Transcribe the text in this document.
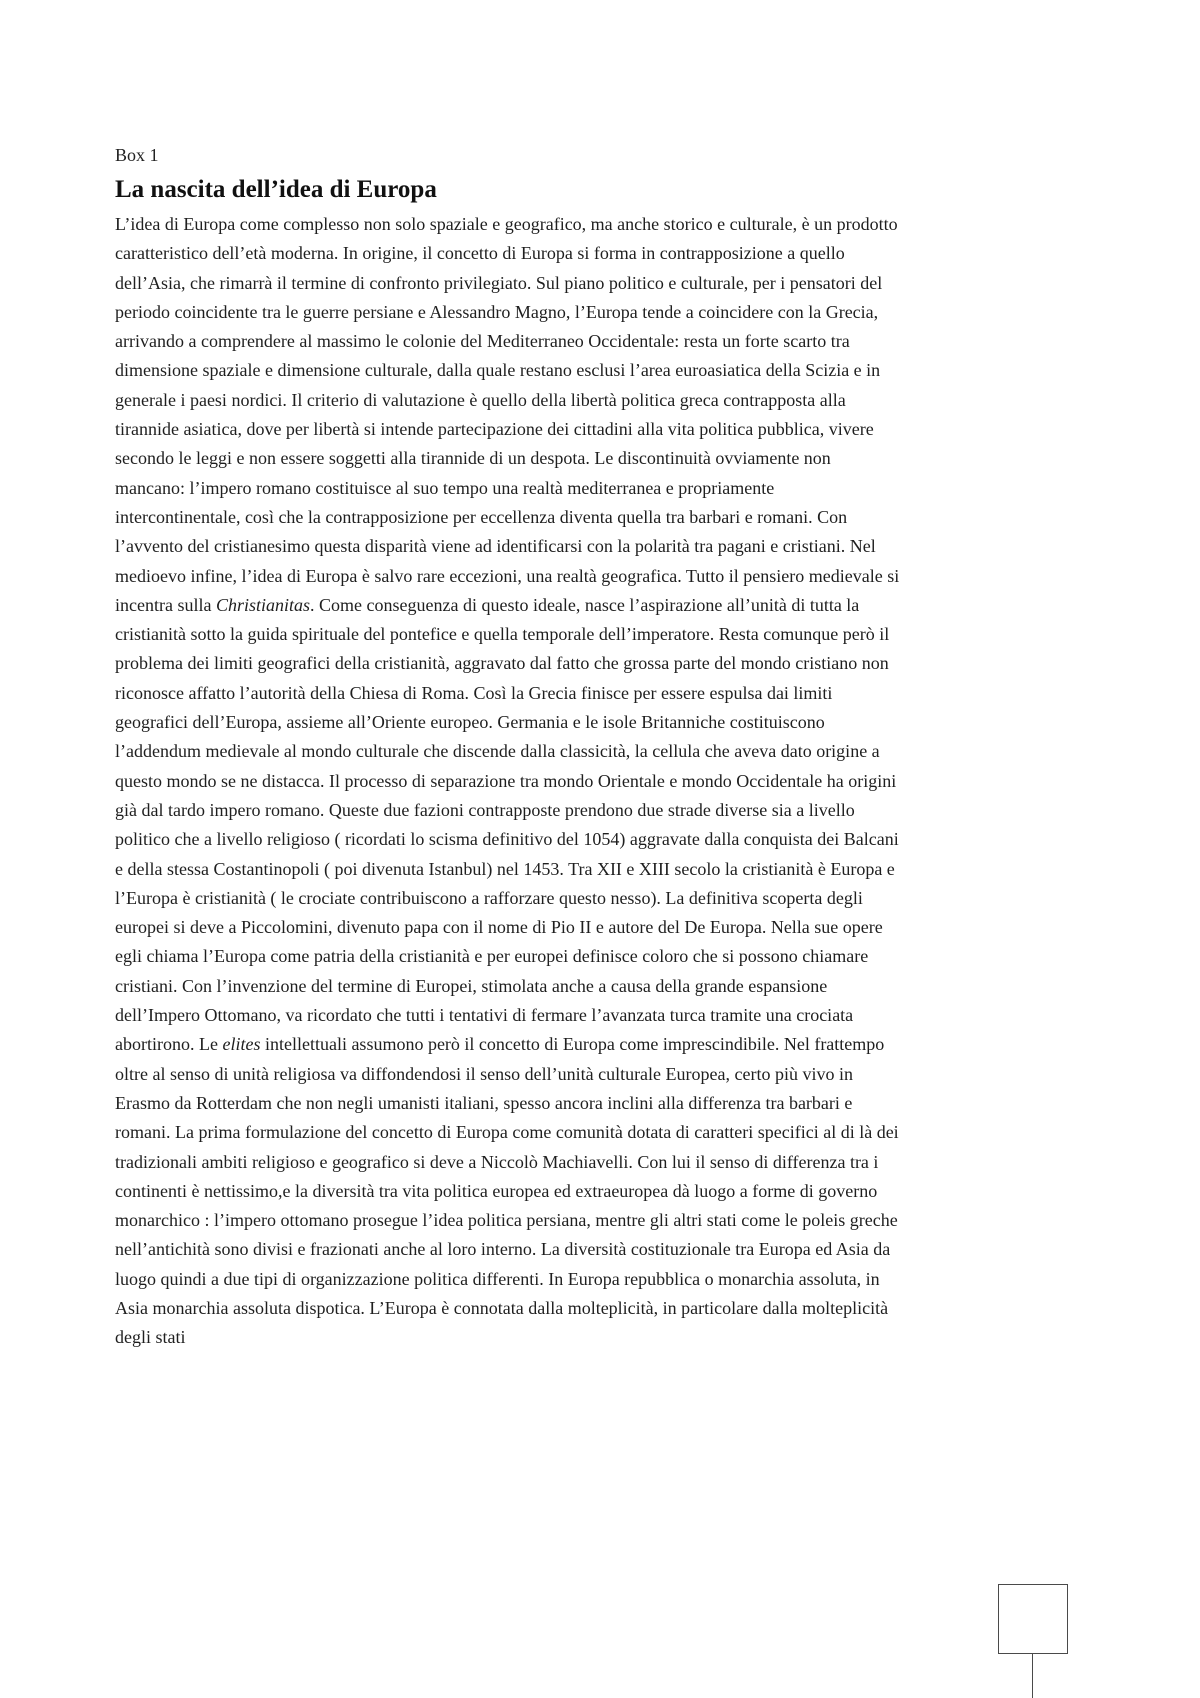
Box 1
La nascita dell’idea di Europa
L’idea di Europa come complesso non solo spaziale e geografico, ma anche storico e culturale, è un prodotto
caratteristico dell’età moderna. In origine, il concetto di Europa si forma in contrapposizione a quello
dell’Asia, che rimarrà il termine di confronto privilegiato. Sul piano politico e culturale, per i pensatori del
periodo coincidente tra le guerre persiane e Alessandro Magno, l’Europa tende a coincidere con la Grecia,
arrivando a comprendere al massimo le colonie del Mediterraneo Occidentale: resta un forte scarto tra
dimensione spaziale e dimensione culturale, dalla quale restano esclusi l’area euroasiatica della Scizia e in
generale i paesi nordici. Il criterio di valutazione è quello della libertà politica greca contrapposta alla
tirannide asiatica, dove per libertà si intende partecipazione dei cittadini alla vita politica pubblica, vivere
secondo le leggi e non essere soggetti alla tirannide di un despota. Le discontinuità ovviamente non
mancano: l’impero romano costituisce al suo tempo una realtà mediterranea e propriamente
intercontinentale, così che la contrapposizione per eccellenza diventa quella tra barbari e romani. Con
l’avvento del cristianesimo questa disparità viene ad identificarsi con la polarità tra pagani e cristiani. Nel
medioevo infine, l’idea di Europa è salvo rare eccezioni, una realtà geografica. Tutto il pensiero medievale si
incentra sulla Christianitas. Come conseguenza di questo ideale, nasce l’aspirazione all’unità di tutta la
cristianità sotto la guida spirituale del pontefice e quella temporale dell’imperatore. Resta comunque però il
problema dei limiti geografici della cristianità, aggravato dal fatto che grossa parte del mondo cristiano non
riconosce affatto l’autorità della Chiesa di Roma. Così la Grecia finisce per essere espulsa dai limiti
geografici dell’Europa, assieme all’Oriente europeo. Germania e le isole Britanniche costituiscono
l’addendum medievale al mondo culturale che discende dalla classicità, la cellula che aveva dato origine a
questo mondo se ne distacca. Il processo di separazione tra mondo Orientale e mondo Occidentale ha origini
già dal tardo impero romano. Queste due fazioni contrapposte prendono due strade diverse sia a livello
politico che a livello religioso ( ricordati lo scisma definitivo del 1054) aggravate dalla conquista dei Balcani
e della stessa Costantinopoli ( poi divenuta Istanbul) nel 1453. Tra XII e XIII secolo la cristianità è Europa e
l’Europa è cristianità ( le crociate contribuiscono a rafforzare questo nesso). La definitiva scoperta degli
europei si deve a Piccolomini, divenuto papa con il nome di Pio II e autore del De Europa. Nella sue opere
egli chiama l’Europa come patria della cristianità e per europei definisce coloro che si possono chiamare
cristiani. Con l’invenzione del termine di Europei, stimolata anche a causa della grande espansione
dell’Impero Ottomano, va ricordato che tutti i tentativi di fermare l’avanzata turca tramite una crociata
abortirono. Le elites intellettuali assumono però il concetto di Europa come imprescindibile. Nel frattempo
oltre al senso di unità religiosa va diffondendosi il senso dell’unità culturale Europea, certo più vivo in
Erasmo da Rotterdam che non negli umanisti italiani, spesso ancora inclini alla differenza tra barbari e
romani. La prima formulazione del concetto di Europa come comunità dotata di caratteri specifici al di là dei
tradizionali ambiti religioso e geografico si deve a Niccolò Machiavelli. Con lui il senso di differenza tra i
continenti è nettissimo,e la diversità tra vita politica europea ed extraeuropea dà luogo a forme di governo
monarchico : l’impero ottomano prosegue l’idea politica persiana, mentre gli altri stati come le poleis greche
nell’antichità sono divisi e frazionati anche al loro interno. La diversità costituzionale tra Europa ed Asia da
luogo quindi a due tipi di organizzazione politica differenti. In Europa repubblica o monarchia assoluta, in
Asia monarchia assoluta dispotica. L’Europa è connotata dalla molteplicità, in particolare dalla molteplicità
degli stati
